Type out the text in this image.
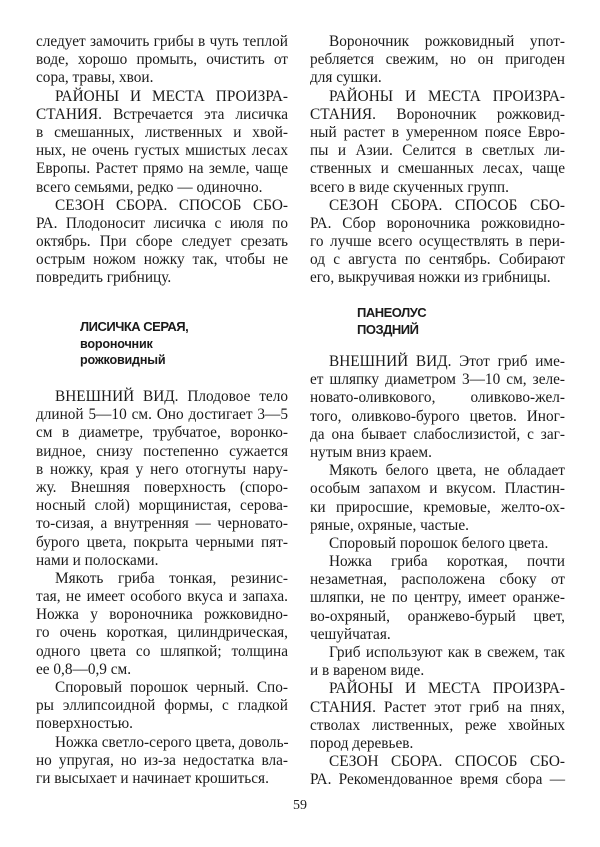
следует замочить грибы в чуть теплой
воде, хорошо промыть, очистить от
сора, травы, хвои.
РАЙОНЫ И МЕСТА ПРОИЗРА-
СТАНИЯ. Встречается эта лисичка
в смешанных, лиственных и хвой-
ных, не очень густых мшистых лесах
Европы. Растет прямо на земле, чаще
всего семьями, редко — одиночно.
СЕЗОН СБОРА. СПОСОБ СБО-
РА. Плодоносит лисичка с июля по
октябрь. При сборе следует срезать
острым ножом ножку так, чтобы не
повредить грибницу.
ЛИСИЧКА СЕРАЯ,
вороночник
рожковидный
ВНЕШНИЙ ВИД. Плодовое тело
длиной 5—10 см. Оно достигает 3—5
см в диаметре, трубчатое, воронко-
видное, снизу постепенно сужается
в ножку, края у него отогнуты нару-
жу. Внешняя поверхность (споро-
носный слой) морщинистая, серова-
то-сизая, а внутренняя — черновато-
бурого цвета, покрыта черными пят-
нами и полосками.
Мякоть гриба тонкая, резинис-
тая, не имеет особого вкуса и запаха.
Ножка у вороночника рожковидно-
го очень короткая, цилиндрическая,
одного цвета со шляпкой; толщина
ее 0,8—0,9 см.
Споровый порошок черный. Спо-
ры эллипсоидной формы, с гладкой
поверхностью.
Ножка светло-серого цвета, доволь-
но упругая, но из-за недостатка вла-
ги высыхает и начинает крошиться.
Вороночник рожковидный упот-
ребляется свежим, но он пригоден
для сушки.
РАЙОНЫ И МЕСТА ПРОИЗРА-
СТАНИЯ. Вороночник рожковид-
ный растет в умеренном поясе Евро-
пы и Азии. Селится в светлых ли-
ственных и смешанных лесах, чаще
всего в виде скученных групп.
СЕЗОН СБОРА. СПОСОБ СБО-
РА. Сбор вороночника рожковидно-
го лучше всего осуществлять в пери-
од с августа по сентябрь. Собирают
его, выкручивая ножки из грибницы.
ПАНЕОЛУС
ПОЗДНИЙ
ВНЕШНИЙ ВИД. Этот гриб име-
ет шляпку диаметром 3—10 см, зеле-
новато-оливкового, оливково-жел-
того, оливково-бурого цветов. Иног-
да она бывает слабослизистой, с заг-
нутым вниз краем.
Мякоть белого цвета, не обладает
особым запахом и вкусом. Пластин-
ки приросшие, кремовые, желто-ох-
ряные, охряные, частые.
Споровый порошок белого цвета.
Ножка гриба короткая, почти
незаметная, расположена сбоку от
шляпки, не по центру, имеет оранже-
во-охряный, оранжево-бурый цвет,
чешуйчатая.
Гриб используют как в свежем, так
и в вареном виде.
РАЙОНЫ И МЕСТА ПРОИЗРА-
СТАНИЯ. Растет этот гриб на пнях,
стволах лиственных, реже хвойных
пород деревьев.
СЕЗОН СБОРА. СПОСОБ СБО-
РА. Рекомендованное время сбора —
59
